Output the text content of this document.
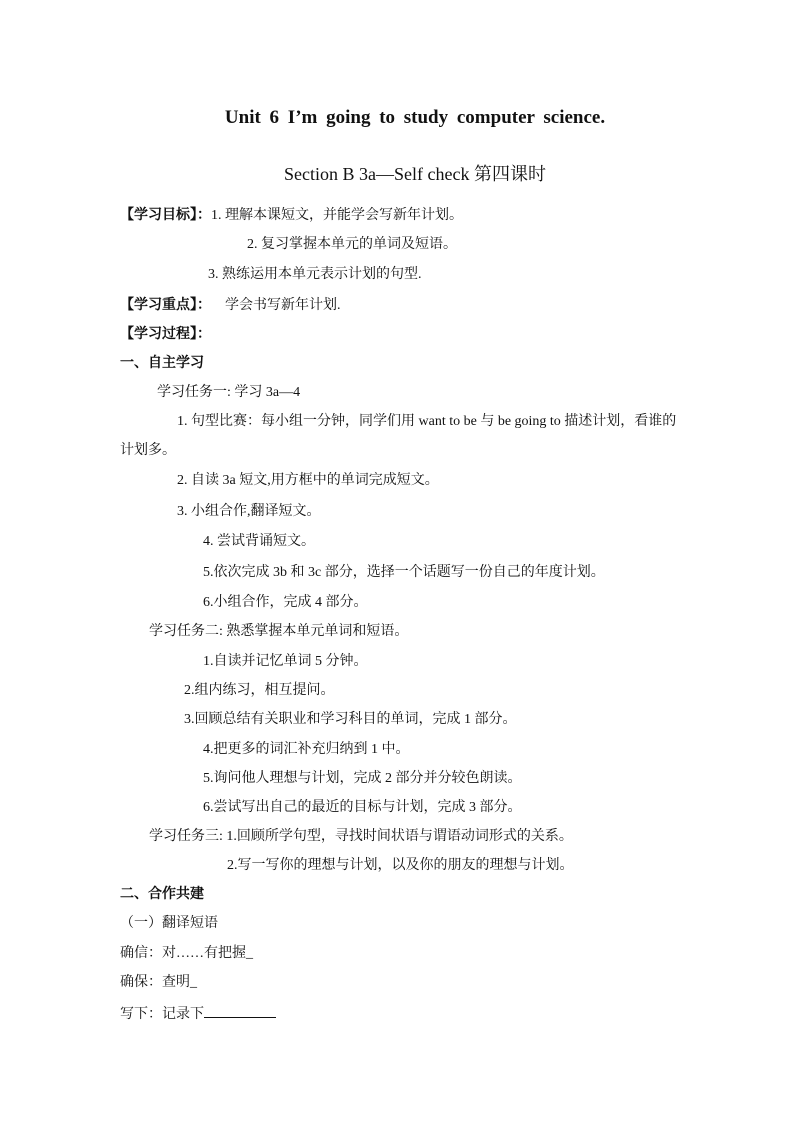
Unit 6 I’m going to study computer science.
Section B 3a—Self check 第四课时
【学习目标】：1. 理解本课短文，并能学会写新年计划。
2. 复习掌握本单元的单词及短语。
3. 熟练运用本单元表示计划的句型.
【学习重点】： 学会书写新年计划.
【学习过程】：
一、自主学习
学习任务一: 学习 3a—4
1. 句型比赛：每小组一分钟，同学们用 want to be 与 be going to 描述计划，看谁的
计划多。
2. 自读 3a 短文,用方框中的单词完成短文。
3. 小组合作,翻译短文。
4. 尝试背诵短文。
5.依次完成 3b 和 3c 部分，选择一个话题写一份自己的年度计划。
6.小组合作，完成 4 部分。
学习任务二: 熟悉掌握本单元单词和短语。
1.自读并记忆单词 5 分钟。
2.组内练习，相互提问。
3.回顾总结有关职业和学习科目的单词，完成 1 部分。
4.把更多的词汇补充归纳到 1 中。
5.询问他人理想与计划，完成 2 部分并分较色朗读。
6.尝试写出自己的最近的目标与计划，完成 3 部分。
学习任务三: 1.回顾所学句型，寻找时间状语与谓语动词形式的关系。
2.写一写你的理想与计划，以及你的朋友的理想与计划。
二、合作共建
（一）翻译短语
确信：对……有把握_
确保：查明_
写下：记录下
